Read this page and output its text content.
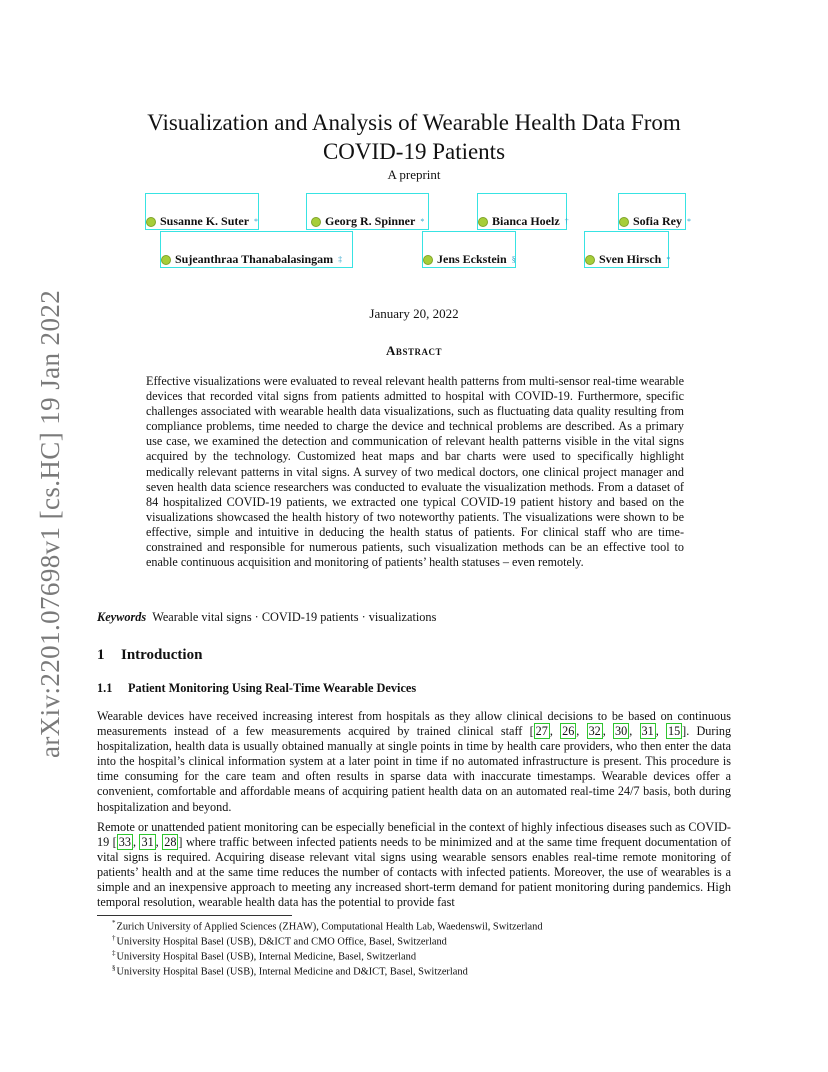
arXiv:2201.07698v1 [cs.HC] 19 Jan 2022
Visualization and Analysis of Wearable Health Data From COVID-19 Patients
A preprint
Susanne K. Suter *	Georg R. Spinner *	Bianca Hoelz †	Sofia Rey *
Sujeanthraa Thanabalasingam ‡	Jens Eckstein §	Sven Hirsch *
January 20, 2022
Abstract
Effective visualizations were evaluated to reveal relevant health patterns from multi-sensor real-time wearable devices that recorded vital signs from patients admitted to hospital with COVID-19. Furthermore, specific challenges associated with wearable health data visualizations, such as fluctuating data quality resulting from compliance problems, time needed to charge the device and technical problems are described. As a primary use case, we examined the detection and communication of relevant health patterns visible in the vital signs acquired by the technology. Customized heat maps and bar charts were used to specifically highlight medically relevant patterns in vital signs. A survey of two medical doctors, one clinical project manager and seven health data science researchers was conducted to evaluate the visualization methods. From a dataset of 84 hospitalized COVID-19 patients, we extracted one typical COVID-19 patient history and based on the visualizations showcased the health history of two noteworthy patients. The visualizations were shown to be effective, simple and intuitive in deducing the health status of patients. For clinical staff who are time-constrained and responsible for numerous patients, such visualization methods can be an effective tool to enable continuous acquisition and monitoring of patients’ health statuses – even remotely.
Keywords Wearable vital signs · COVID-19 patients · visualizations
1 Introduction
1.1 Patient Monitoring Using Real-Time Wearable Devices
Wearable devices have received increasing interest from hospitals as they allow clinical decisions to be based on continuous measurements instead of a few measurements acquired by trained clinical staff [ 27 , 26 , 32 , 30 , 31 , 15 ]. During hospitalization, health data is usually obtained manually at single points in time by health care providers, who then enter the data into the hospital’s clinical information system at a later point in time if no automated infrastructure is present. This procedure is time consuming for the care team and often results in sparse data with inaccurate timestamps. Wearable devices offer a convenient, comfortable and affordable means of acquiring patient health data on an automated real-time 24/7 basis, both during hospitalization and beyond.
Remote or unattended patient monitoring can be especially beneficial in the context of highly infectious diseases such as COVID-19 [ 33 , 31 , 28 ] where traffic between infected patients needs to be minimized and at the same time frequent documentation of vital signs is required. Acquiring disease relevant vital signs using wearable sensors enables real-time remote monitoring of patients’ health and at the same time reduces the number of contacts with infected patients. Moreover, the use of wearables is a simple and an inexpensive approach to meeting any increased short-term demand for patient monitoring during pandemics. High temporal resolution, wearable health data has the potential to provide fast
*Zurich University of Applied Sciences (ZHAW), Computational Health Lab, Waedenswil, Switzerland
†University Hospital Basel (USB), D&ICT and CMO Office, Basel, Switzerland
‡University Hospital Basel (USB), Internal Medicine, Basel, Switzerland
§University Hospital Basel (USB), Internal Medicine and D&ICT, Basel, Switzerland
